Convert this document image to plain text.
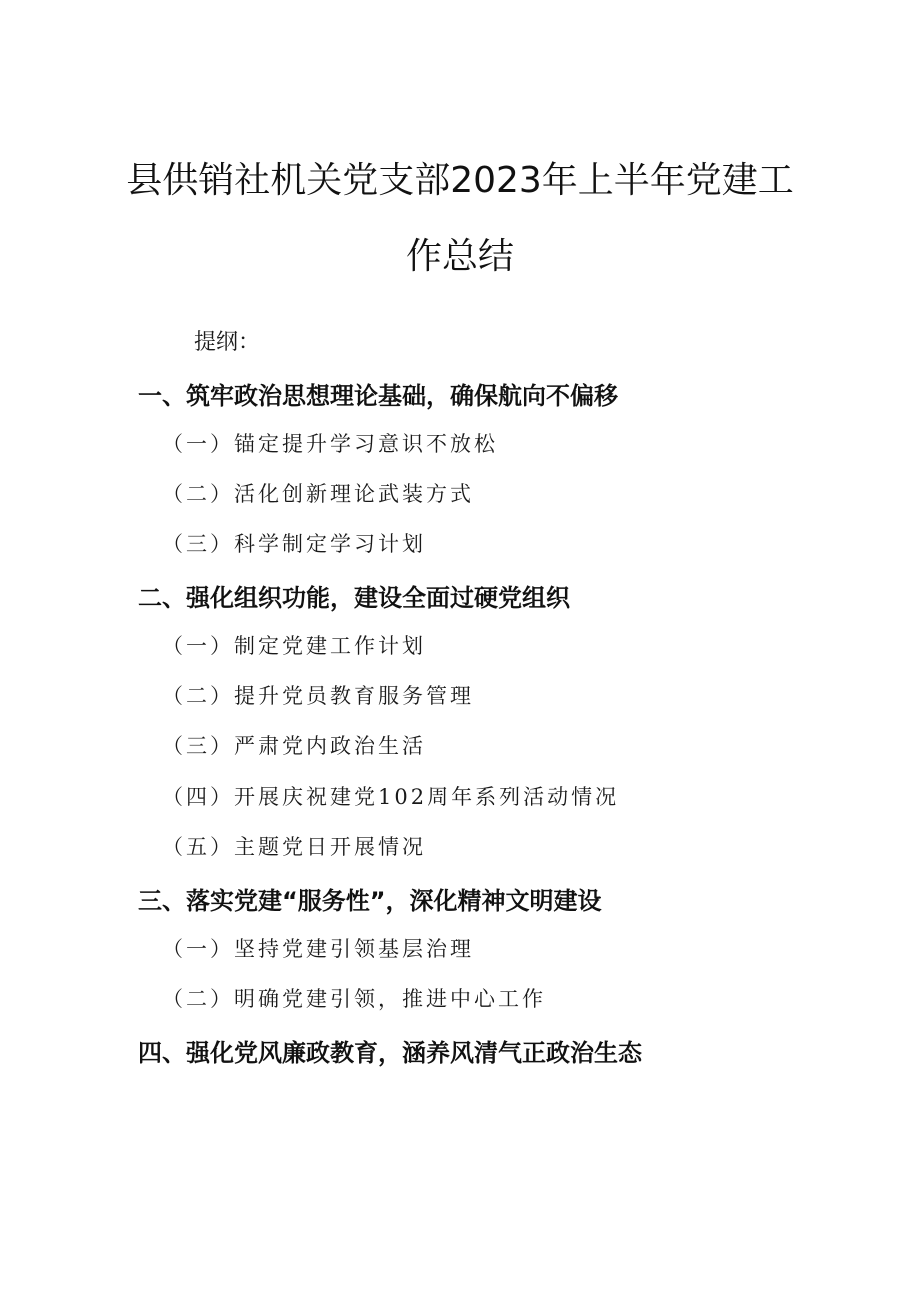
县供销社机关党支部2023年上半年党建工
作总结
提纲：
一、筑牢政治思想理论基础，确保航向不偏移
（一）锚定提升学习意识不放松
（二）活化创新理论武装方式
（三）科学制定学习计划
二、强化组织功能，建设全面过硬党组织
（一）制定党建工作计划
（二）提升党员教育服务管理
（三）严肃党内政治生活
（四）开展庆祝建党102周年系列活动情况
（五）主题党日开展情况
三、落实党建“服务性”，深化精神文明建设
（一）坚持党建引领基层治理
（二）明确党建引领，推进中心工作
四、强化党风廉政教育，涵养风清气正政治生态
